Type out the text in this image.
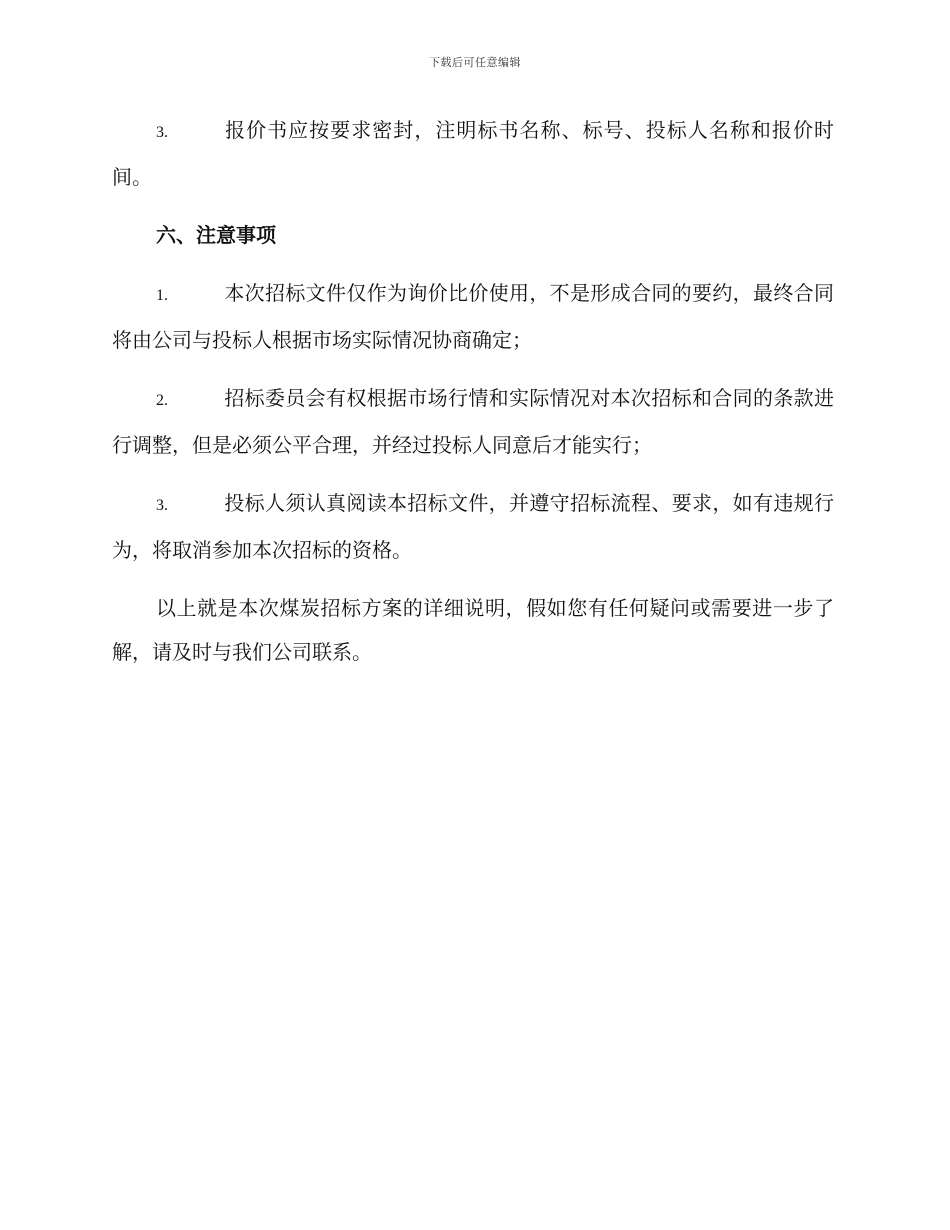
下载后可任意编辑

3.	报价书应按要求密封，注明标书名称、标号、投标人名称和报价时间。

六、注意事项

1.	本次招标文件仅作为询价比价使用，不是形成合同的要约，最终合同将由公司与投标人根据市场实际情况协商确定；

2.	招标委员会有权根据市场行情和实际情况对本次招标和合同的条款进行调整，但是必须公平合理，并经过投标人同意后才能实行；

3.	投标人须认真阅读本招标文件，并遵守招标流程、要求，如有违规行为，将取消参加本次招标的资格。

以上就是本次煤炭招标方案的详细说明，假如您有任何疑问或需要进一步了解，请及时与我们公司联系。
